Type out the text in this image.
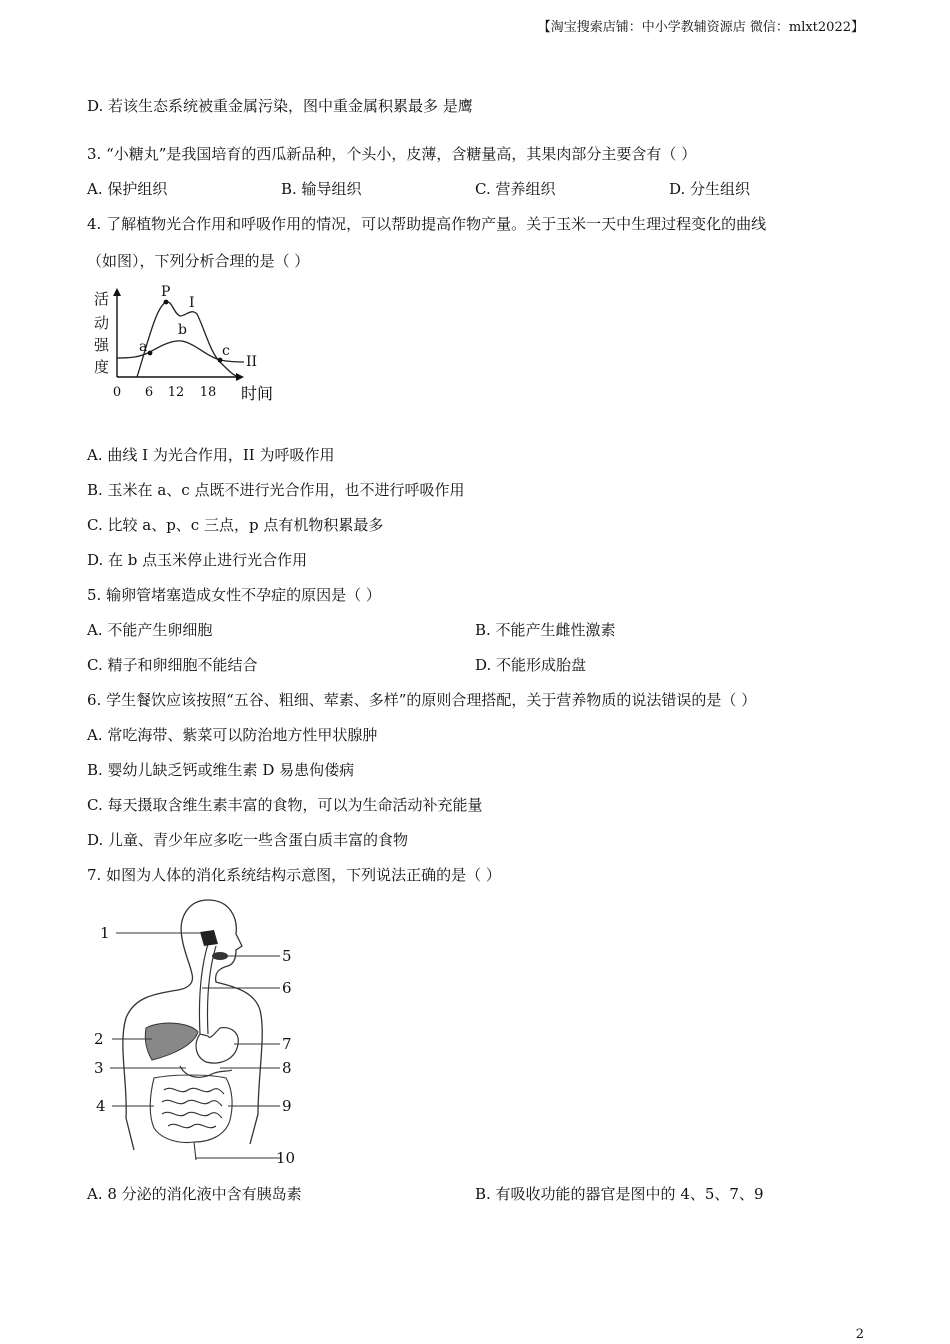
【淘宝搜索店铺：中小学教辅资源店 微信：mlxt2022】
D. 若该生态系统被重金属污染，图中重金属积累最多 是鹰
3. “小糖丸”是我国培育的西瓜新品种，个头小，皮薄，含糖量高，其果肉部分主要含有（ ）
A. 保护组织	B. 输导组织	C. 营养组织	D. 分生组织
4. 了解植物光合作用和呼吸作用的情况，可以帮助提高作物产量。关于玉米一天中生理过程变化的曲线
（如图），下列分析合理的是（ ）
活
动
强
度
0 6 12 18 时间
P
b
a	c
I
II
A. 曲线 I 为光合作用，II 为呼吸作用
B. 玉米在 a、c 点既不进行光合作用，也不进行呼吸作用
C. 比较 a、p、c 三点，p 点有机物积累最多
D. 在 b 点玉米停止进行光合作用
5. 输卵管堵塞造成女性不孕症的原因是（ ）
A. 不能产生卵细胞	B. 不能产生雌性激素
C. 精子和卵细胞不能结合	D. 不能形成胎盘
6. 学生餐饮应该按照“五谷、粗细、荤素、多样”的原则合理搭配，关于营养物质的说法错误的是（ ）
A. 常吃海带、紫菜可以防治地方性甲状腺肿
B. 婴幼儿缺乏钙或维生素 D 易患佝偻病
C. 每天摄取含维生素丰富的食物，可以为生命活动补充能量
D. 儿童、青少年应多吃一些含蛋白质丰富的食物
7. 如图为人体的消化系统结构示意图，下列说法正确的是（ ）
1
2
3
4
5
6
7
8
9
10
A. 8 分泌的消化液中含有胰岛素	B. 有吸收功能的器官是图中的 4、5、7、9
2
